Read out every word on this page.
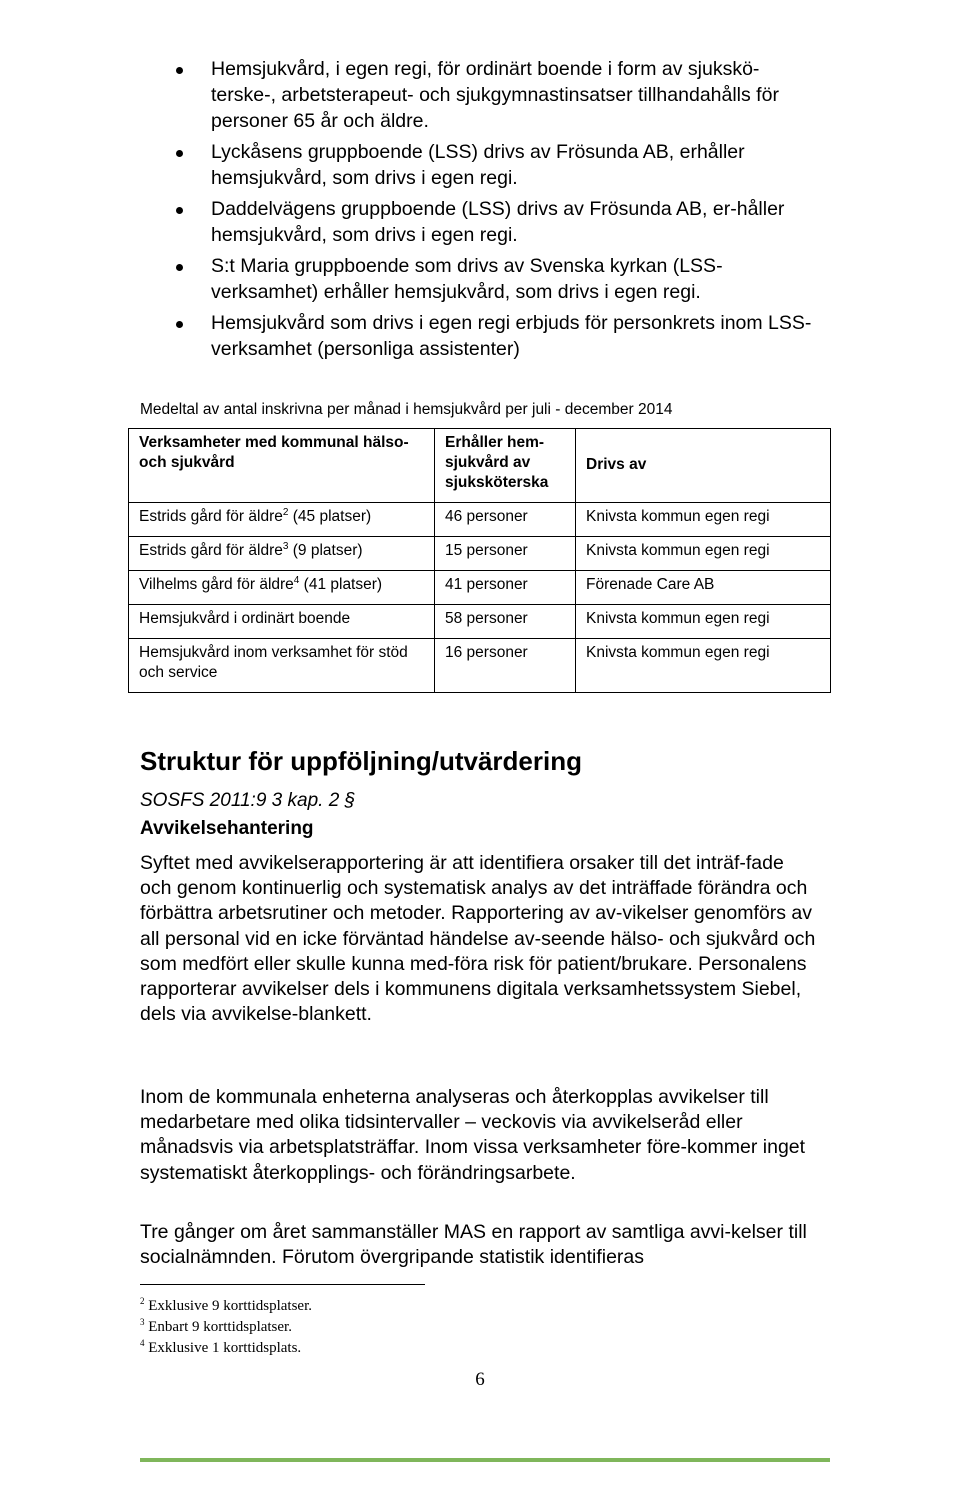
Hemsjukvård, i egen regi, för ordinärt boende i form av sjukskö-terske-, arbetsterapeut- och sjukgymnastinsatser tillhandahålls för personer 65 år och äldre.
Lyckåsens gruppboende (LSS) drivs av Frösunda AB, erhåller hemsjukvård, som drivs i egen regi.
Daddelvägens gruppboende (LSS) drivs av Frösunda AB, er-håller hemsjukvård, som drivs i egen regi.
S:t Maria gruppboende som drivs av Svenska kyrkan (LSS-verksamhet) erhåller hemsjukvård, som drivs i egen regi.
Hemsjukvård som drivs i egen regi erbjuds för personkrets inom LSS-verksamhet (personliga assistenter)
Medeltal av antal inskrivna per månad i hemsjukvård per juli - december 2014
Verksamheter med kommunal hälso- och sjukvård	Erhåller hem-sjukvård av sjuksköterska	Drivs av
Estrids gård för äldre$^2$ (45 platser)	46 personer	Knivsta kommun egen regi
Estrids gård för äldre$^3$ (9 platser)	15 personer	Knivsta kommun egen regi
Vilhelms gård för äldre$^4$ (41 platser)	41 personer	Förenade Care AB
Hemsjukvård i ordinärt boende	58 personer	Knivsta kommun egen regi
Hemsjukvård inom verksamhet för stöd och service	16 personer	Knivsta kommun egen regi
Struktur för uppföljning/utvärdering
SOSFS 2011:9 3 kap. 2 §
Avvikelsehantering

Syftet med avvikelserapportering är att identifiera orsaker till det inträf-fade och genom kontinuerlig och systematisk analys av det inträffade förändra och förbättra arbetsrutiner och metoder. Rapportering av av-vikelser genomförs av all personal vid en icke förväntad händelse av-seende hälso- och sjukvård och som medfört eller skulle kunna med-föra risk för patient/brukare. Personalens rapporterar avvikelser dels i kommunens digitala verksamhetssystem Siebel, dels via avvikelse-blankett.

Inom de kommunala enheterna analyseras och återkopplas avvikelser till medarbetare med olika tidsintervaller – veckovis via avvikelseråd eller månadsvis via arbetsplatsträffar. Inom vissa verksamheter före-kommer inget systematiskt återkopplings- och förändringsarbete.

Tre gånger om året sammanställer MAS en rapport av samtliga avvi-kelser till socialnämnden. Förutom övergripande statistik identifieras

$^2$ Exklusive 9 korttidsplatser.
$^3$ Enbart 9 korttidsplatser.
$^4$ Exklusive 1 korttidsplats.
6
